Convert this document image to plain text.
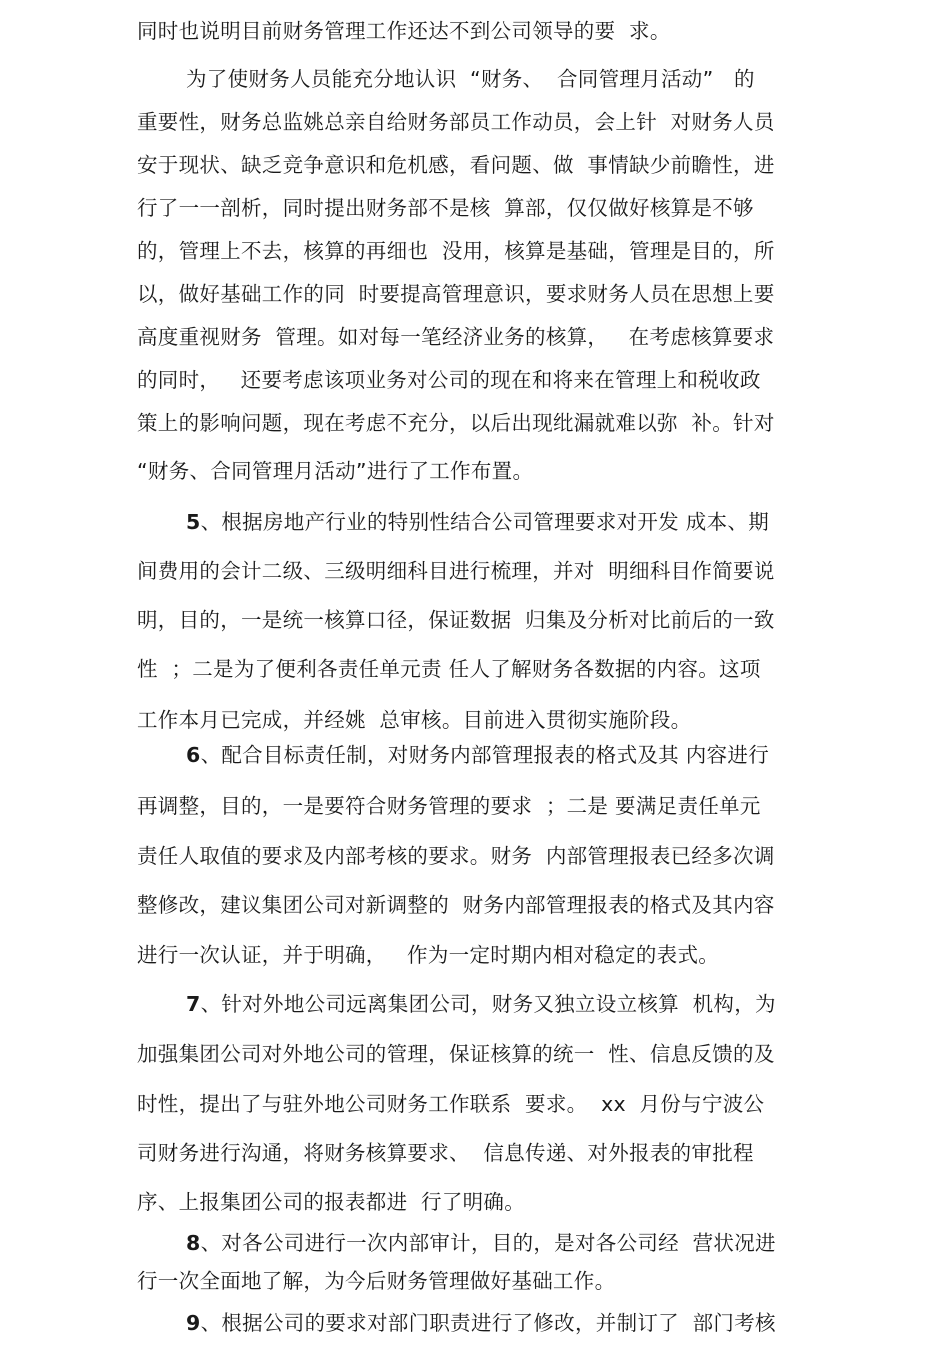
同时也说明目前财务管理工作还达不到公司领导的要  求。
为了使财务人员能充分地认识  “财务、  合同管理月活动”   的
重要性，财务总监姚总亲自给财务部员工作动员，会上针  对财务人员
安于现状、缺乏竞争意识和危机感，看问题、做  事情缺少前瞻性，进
行了一一剖析，同时提出财务部不是核  算部，仅仅做好核算是不够
的，管理上不去，核算的再细也  没用，核算是基础，管理是目的，所
以，做好基础工作的同  时要提高管理意识，要求财务人员在思想上要
高度重视财务  管理。如对每一笔经济业务的核算，   在考虑核算要求
的同时，   还要考虑该项业务对公司的现在和将来在管理上和税收政
策上的影响问题，现在考虑不充分，以后出现纰漏就难以弥  补。针对
“财务、合同管理月活动”进行了工作布置。
5、根据房地产行业的特别性结合公司管理要求对开发 成本、期
间费用的会计二级、三级明细科目进行梳理，并对  明细科目作简要说
明，目的，一是统一核算口径，保证数据  归集及分析对比前后的一致
性  ；二是为了便利各责任单元责 任人了解财务各数据的内容。这项
工作本月已完成，并经姚  总审核。目前进入贯彻实施阶段。
6、配合目标责任制，对财务内部管理报表的格式及其 内容进行
再调整，目的，一是要符合财务管理的要求  ；二是 要满足责任单元
责任人取值的要求及内部考核的要求。财务  内部管理报表已经多次调
整修改，建议集团公司对新调整的  财务内部管理报表的格式及其内容
进行一次认证，并于明确，   作为一定时期内相对稳定的表式。
7、针对外地公司远离集团公司，财务又独立设立核算  机构，为
加强集团公司对外地公司的管理，保证核算的统一  性、信息反馈的及
时性，提出了与驻外地公司财务工作联系  要求。  xx  月份与宁波公
司财务进行沟通，将财务核算要求、  信息传递、对外报表的审批程
序、上报集团公司的报表都进  行了明确。
8、对各公司进行一次内部审计，目的，是对各公司经  营状况进
行一次全面地了解，为今后财务管理做好基础工作。
9、根据公司的要求对部门职责进行了修改，并制订了  部门考核
